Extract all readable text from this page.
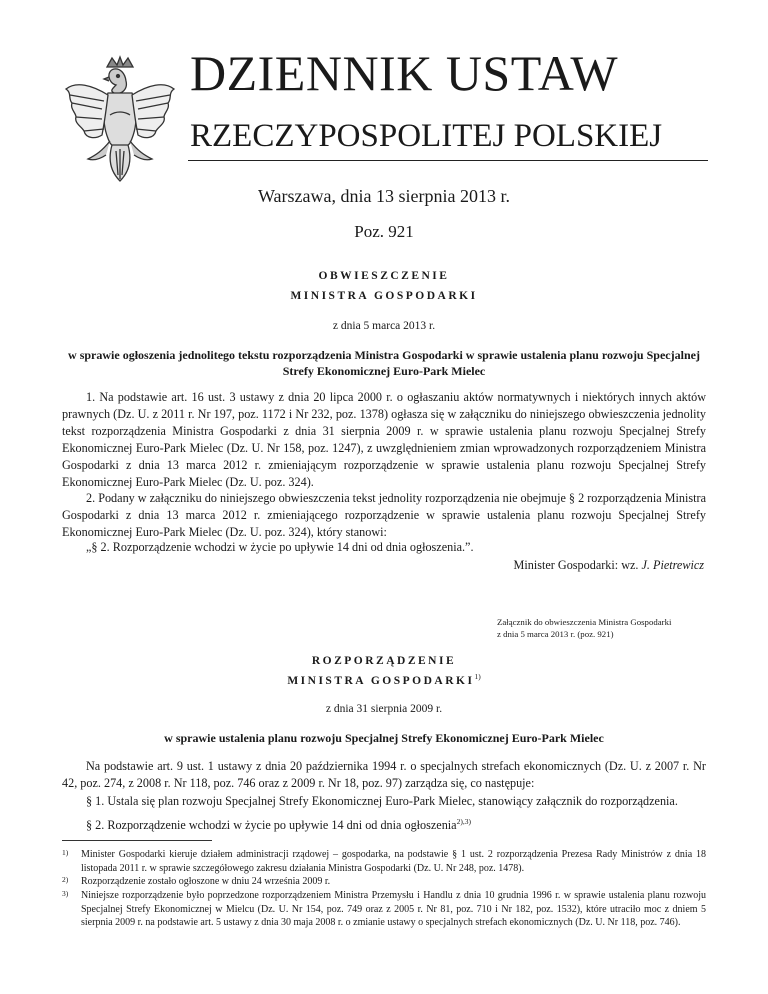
DZIENNIK USTAW
RZECZYPOSPOLITEJ POLSKIEJ
Warszawa, dnia 13 sierpnia 2013 r.
Poz. 921
OBWIESZCZENIE
MINISTRA GOSPODARKI
z dnia 5 marca 2013 r.
w sprawie ogłoszenia jednolitego tekstu rozporządzenia Ministra Gospodarki w sprawie ustalenia planu rozwoju Specjalnej Strefy Ekonomicznej Euro-Park Mielec
1. Na podstawie art. 16 ust. 3 ustawy z dnia 20 lipca 2000 r. o ogłaszaniu aktów normatywnych i niektórych innych aktów prawnych (Dz. U. z 2011 r. Nr 197, poz. 1172 i Nr 232, poz. 1378) ogłasza się w załączniku do niniejszego obwieszczenia jednolity tekst rozporządzenia Ministra Gospodarki z dnia 31 sierpnia 2009 r. w sprawie ustalenia planu rozwoju Specjalnej Strefy Ekonomicznej Euro-Park Mielec (Dz. U. Nr 158, poz. 1247), z uwzględnieniem zmian wprowadzonych rozporządzeniem Ministra Gospodarki z dnia 13 marca 2012 r. zmieniającym rozporządzenie w sprawie ustalenia planu rozwoju Specjalnej Strefy Ekonomicznej Euro-Park Mielec (Dz. U. poz. 324).
2. Podany w załączniku do niniejszego obwieszczenia tekst jednolity rozporządzenia nie obejmuje § 2 rozporządzenia Ministra Gospodarki z dnia 13 marca 2012 r. zmieniającego rozporządzenie w sprawie ustalenia planu rozwoju Specjalnej Strefy Ekonomicznej Euro-Park Mielec (Dz. U. poz. 324), który stanowi:
„§ 2. Rozporządzenie wchodzi w życie po upływie 14 dni od dnia ogłoszenia.”.
Minister Gospodarki: wz. J. Pietrewicz
Załącznik do obwieszczenia Ministra Gospodarki
z dnia 5 marca 2013 r. (poz. 921)
ROZPORZĄDZENIE
MINISTRA GOSPODARKI$^{1)}$
z dnia 31 sierpnia 2009 r.
w sprawie ustalenia planu rozwoju Specjalnej Strefy Ekonomicznej Euro-Park Mielec
Na podstawie art. 9 ust. 1 ustawy z dnia 20 października 1994 r. o specjalnych strefach ekonomicznych (Dz. U. z 2007 r. Nr 42, poz. 274, z 2008 r. Nr 118, poz. 746 oraz z 2009 r. Nr 18, poz. 97) zarządza się, co następuje:
§ 1. Ustala się plan rozwoju Specjalnej Strefy Ekonomicznej Euro-Park Mielec, stanowiący załącznik do rozporządzenia.
§ 2. Rozporządzenie wchodzi w życie po upływie 14 dni od dnia ogłoszenia$^{2),3)}$
1) Minister Gospodarki kieruje działem administracji rządowej – gospodarka, na podstawie § 1 ust. 2 rozporządzenia Prezesa Rady Ministrów z dnia 18 listopada 2011 r. w sprawie szczegółowego zakresu działania Ministra Gospodarki (Dz. U. Nr 248, poz. 1478).
2) Rozporządzenie zostało ogłoszone w dniu 24 września 2009 r.
3) Niniejsze rozporządzenie było poprzedzone rozporządzeniem Ministra Przemysłu i Handlu z dnia 10 grudnia 1996 r. w sprawie ustalenia planu rozwoju Specjalnej Strefy Ekonomicznej w Mielcu (Dz. U. Nr 154, poz. 749 oraz z 2005 r. Nr 81, poz. 710 i Nr 182, poz. 1532), które utraciło moc z dniem 5 sierpnia 2009 r. na podstawie art. 5 ustawy z dnia 30 maja 2008 r. o zmianie ustawy o specjalnych strefach ekonomicznych (Dz. U. Nr 118, poz. 746).
